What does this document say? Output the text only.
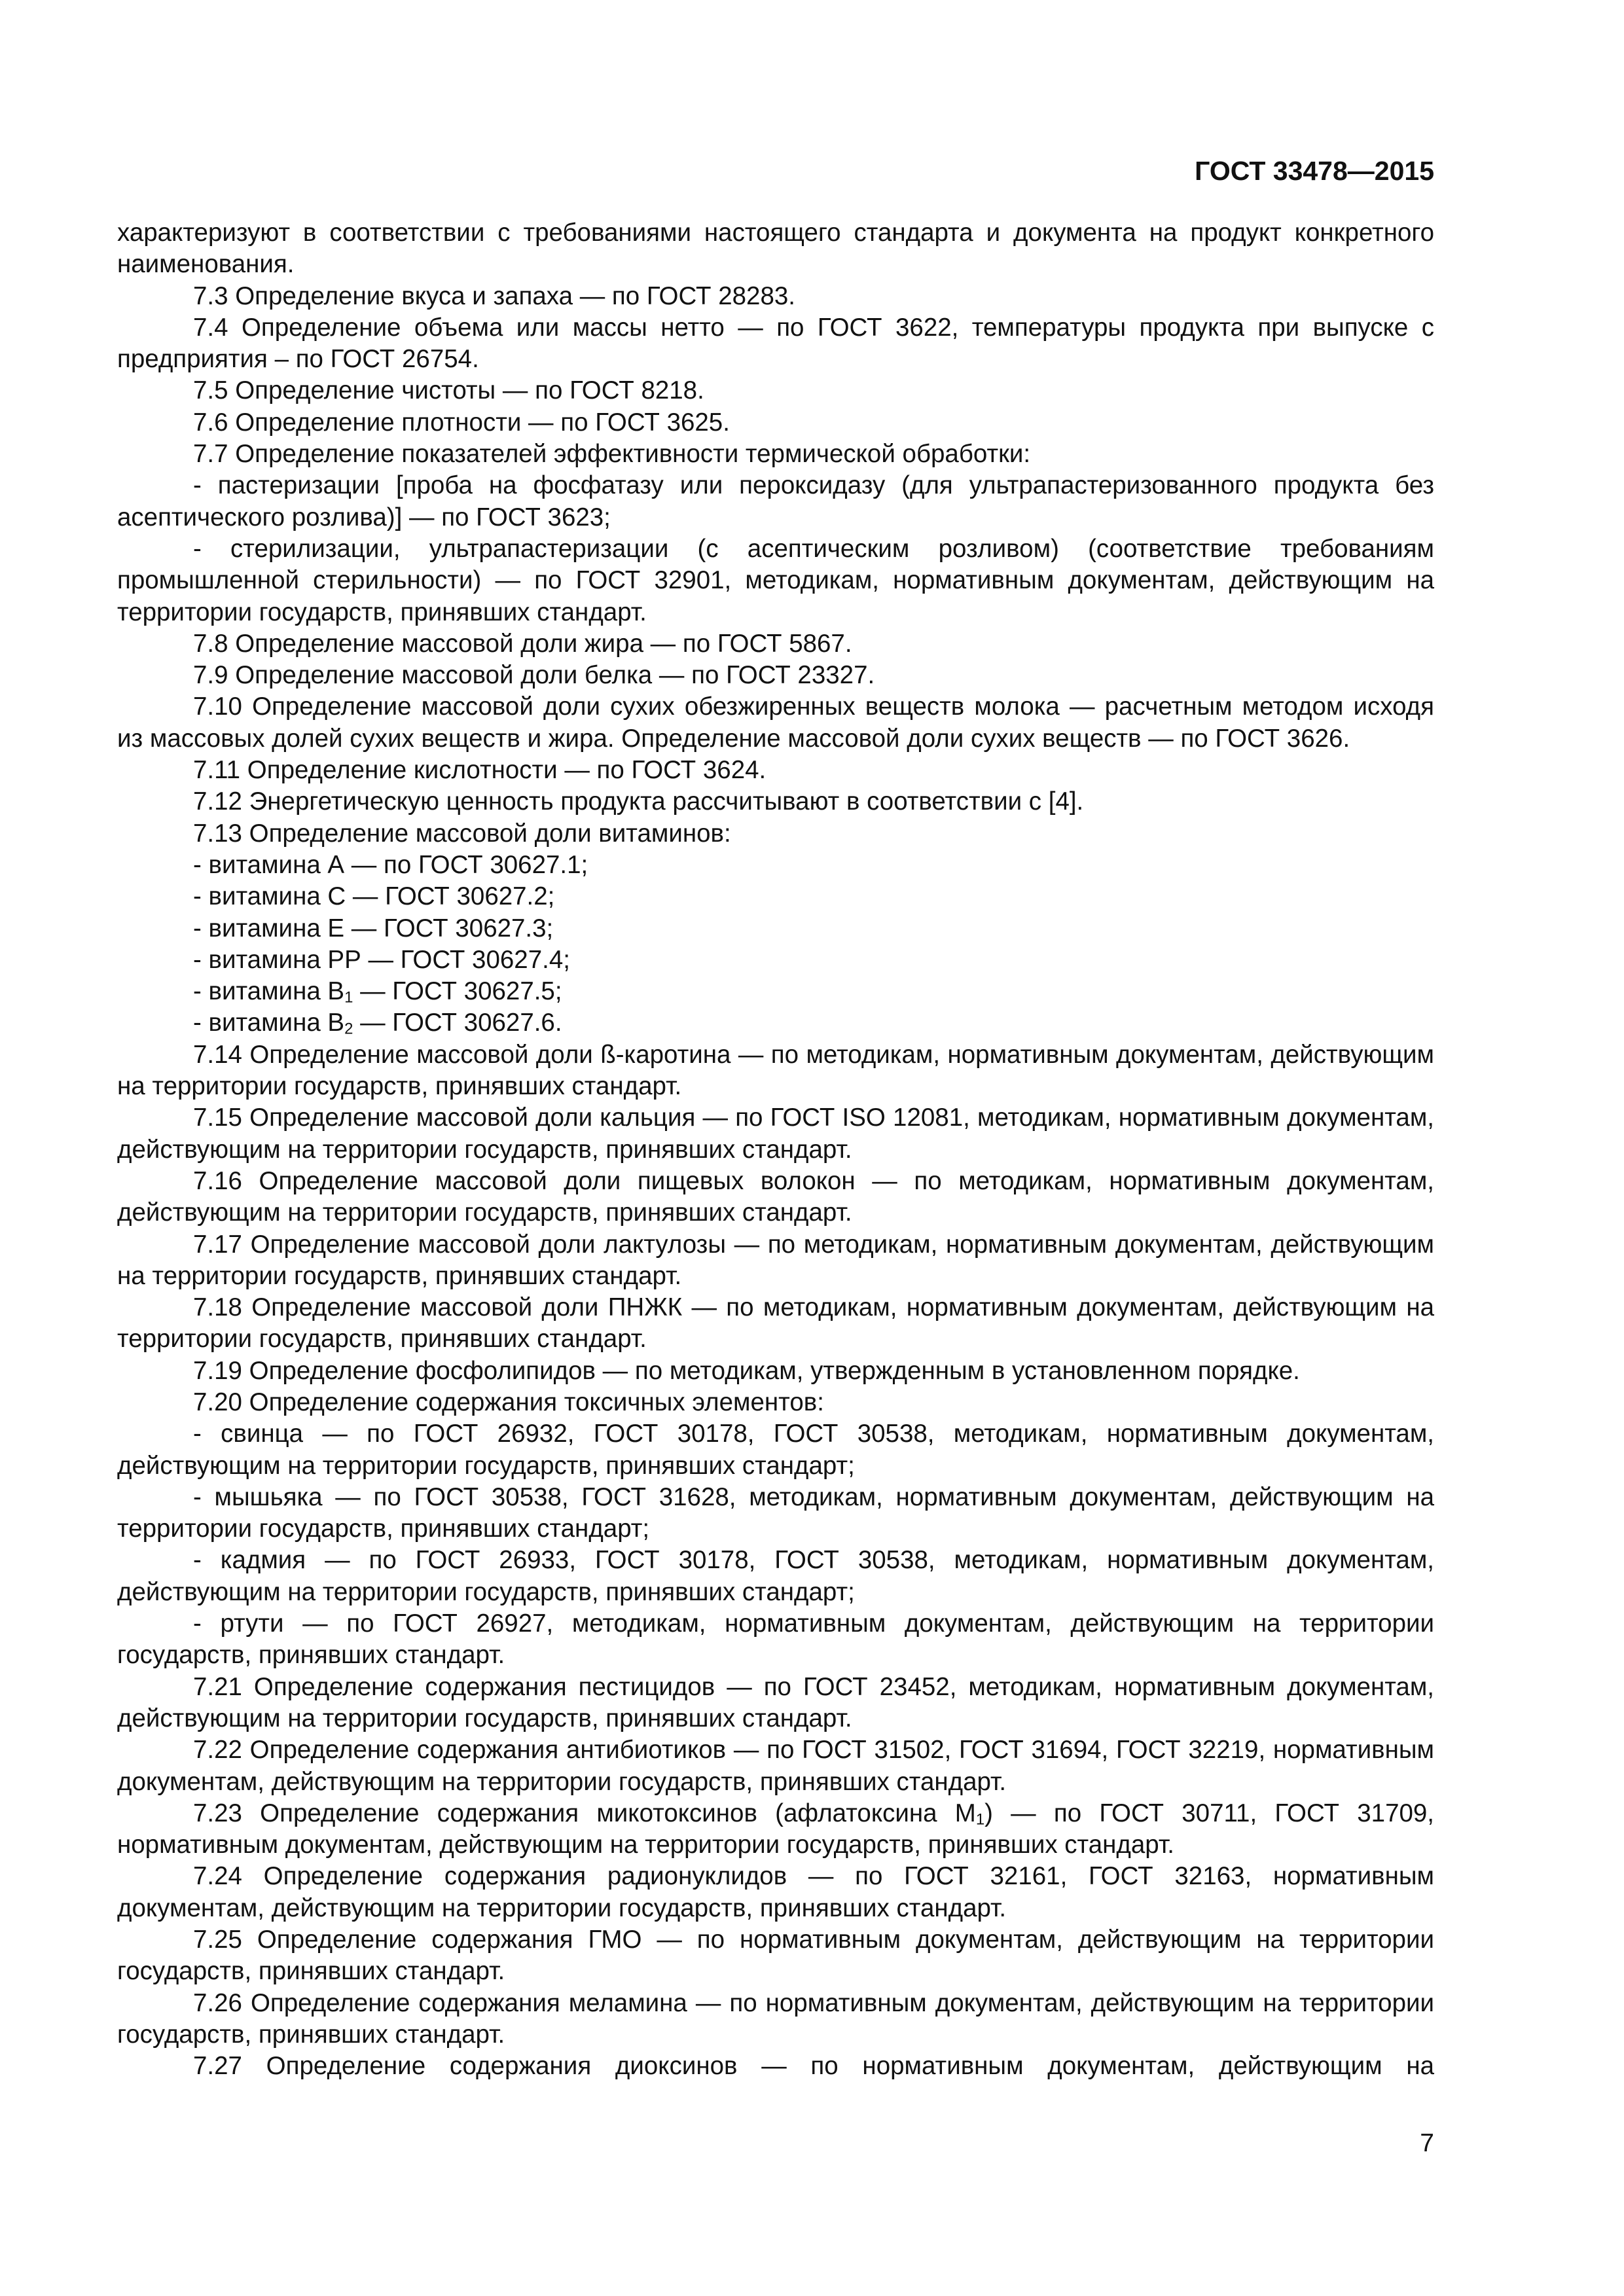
ГОСТ 33478—2015

характеризуют в соответствии с требованиями настоящего стандарта и документа на продукт конкретного наименования.

7.3 Определение вкуса и запаха — по ГОСТ 28283.

7.4 Определение объема или массы нетто — по ГОСТ 3622, температуры продукта при выпуске с предприятия – по ГОСТ 26754.

7.5 Определение чистоты — по ГОСТ 8218.

7.6 Определение плотности — по ГОСТ 3625.

7.7 Определение показателей эффективности термической обработки:

- пастеризации [проба на фосфатазу или пероксидазу (для ультрапастеризованного продукта без асептического розлива)] — по ГОСТ 3623;

- стерилизации, ультрапастеризации (с асептическим розливом) (соответствие требованиям промышленной стерильности) — по ГОСТ 32901, методикам, нормативным документам, действующим на территории государств, принявших стандарт.

7.8 Определение массовой доли жира — по ГОСТ 5867.

7.9 Определение массовой доли белка — по ГОСТ 23327.

7.10 Определение массовой доли сухих обезжиренных веществ молока — расчетным методом исходя из массовых долей сухих веществ и жира. Определение массовой доли сухих веществ — по ГОСТ 3626.

7.11 Определение кислотности — по ГОСТ 3624.

7.12 Энергетическую ценность продукта рассчитывают в соответствии с [4].

7.13 Определение массовой доли витаминов:

- витамина А — по ГОСТ 30627.1;

- витамина С — ГОСТ 30627.2;

- витамина Е — ГОСТ 30627.3;

- витамина РР — ГОСТ 30627.4;

- витамина $В_1$ — ГОСТ 30627.5;

- витамина $В_2$ — ГОСТ 30627.6.

7.14 Определение массовой доли ß-каротина — по методикам, нормативным документам, действующим на территории государств, принявших стандарт.

7.15 Определение массовой доли кальция — по ГОСТ ISO 12081, методикам, нормативным документам, действующим на территории государств, принявших стандарт.

7.16 Определение массовой доли пищевых волокон — по методикам, нормативным документам, действующим на территории государств, принявших стандарт.

7.17 Определение массовой доли лактулозы — по методикам, нормативным документам, действующим на территории государств, принявших стандарт.

7.18 Определение массовой доли ПНЖК — по методикам, нормативным документам, действующим на территории государств, принявших стандарт.

7.19 Определение фосфолипидов — по методикам, утвержденным в установленном порядке.

7.20 Определение содержания токсичных элементов:

- свинца — по ГОСТ 26932, ГОСТ 30178, ГОСТ 30538, методикам, нормативным документам, действующим на территории государств, принявших стандарт;

- мышьяка — по ГОСТ 30538, ГОСТ 31628, методикам, нормативным документам, действующим на территории государств, принявших стандарт;

- кадмия — по ГОСТ 26933, ГОСТ 30178, ГОСТ 30538, методикам, нормативным документам, действующим на территории государств, принявших стандарт;

- ртути — по ГОСТ 26927, методикам, нормативным документам, действующим на территории государств, принявших стандарт.

7.21 Определение содержания пестицидов — по ГОСТ 23452, методикам, нормативным документам, действующим на территории государств, принявших стандарт.

7.22 Определение содержания антибиотиков — по ГОСТ 31502, ГОСТ 31694, ГОСТ 32219, нормативным документам, действующим на территории государств, принявших стандарт.

7.23 Определение содержания микотоксинов (афлатоксина $М_1$) — по ГОСТ 30711, ГОСТ 31709, нормативным документам, действующим на территории государств, принявших стандарт.

7.24 Определение содержания радионуклидов — по ГОСТ 32161, ГОСТ 32163, нормативным документам, действующим на территории государств, принявших стандарт.

7.25 Определение содержания ГМО — по нормативным документам, действующим на территории государств, принявших стандарт.

7.26 Определение содержания меламина — по нормативным документам, действующим на территории государств, принявших стандарт.

7.27 Определение содержания диоксинов — по нормативным документам, действующим на

7
